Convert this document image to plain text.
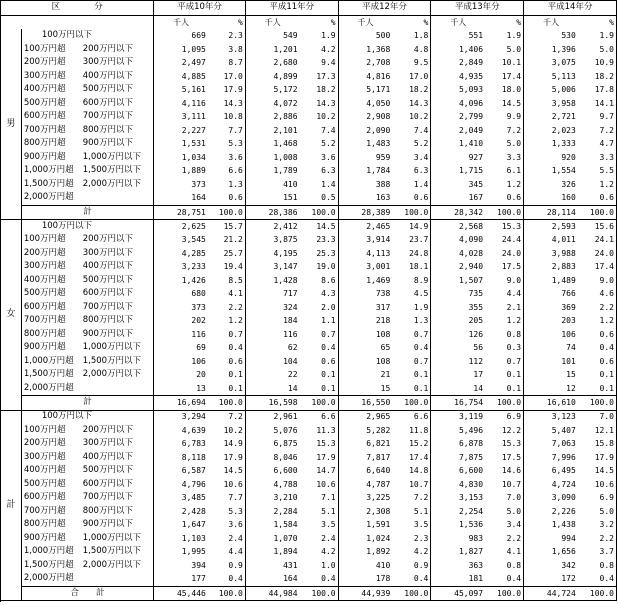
区　　　　分			平成10年分		平成11年分		平成12年分		平成13年分		平成14年分	
			千人	%	千人	%	千人	%	千人	%	千人	%
男	100万円以下		669	2.3	549	1.9	500	1.8	551	1.9	530	1.9
	100万円超	200万円以下	1,095	3.8	1,201	4.2	1,368	4.8	1,406	5.0	1,396	5.0
	200万円超	300万円以下	2,497	8.7	2,680	9.4	2,708	9.5	2,849	10.1	3,075	10.9
	300万円超	400万円以下	4,885	17.0	4,899	17.3	4,816	17.0	4,935	17.4	5,113	18.2
	400万円超	500万円以下	5,161	17.9	5,172	18.2	5,171	18.2	5,093	18.0	5,006	17.8
	500万円超	600万円以下	4,116	14.3	4,072	14.3	4,050	14.3	4,096	14.5	3,958	14.1
	600万円超	700万円以下	3,111	10.8	2,886	10.2	2,908	10.2	2,799	9.9	2,721	9.7
	700万円超	800万円以下	2,227	7.7	2,101	7.4	2,090	7.4	2,049	7.2	2,023	7.2
	800万円超	900万円以下	1,531	5.3	1,468	5.2	1,483	5.2	1,410	5.0	1,333	4.7
	900万円超	1,000万円以下	1,034	3.6	1,008	3.6	959	3.4	927	3.3	920	3.3
	1,000万円超	1,500万円以下	1,889	6.6	1,789	6.3	1,784	6.3	1,715	6.1	1,554	5.5
	1,500万円超	2,000万円以下	373	1.3	410	1.4	388	1.4	345	1.2	326	1.2
	2,000万円超		164	0.6	151	0.5	163	0.6	167	0.6	160	0.6
	計		28,751	100.0	28,386	100.0	28,389	100.0	28,342	100.0	28,114	100.0

女	100万円以下		2,625	15.7	2,412	14.5	2,465	14.9	2,568	15.3	2,593	15.6
	100万円超	200万円以下	3,545	21.2	3,875	23.3	3,914	23.7	4,090	24.4	4,011	24.1
	200万円超	300万円以下	4,285	25.7	4,195	25.3	4,113	24.8	4,028	24.0	3,988	24.0
	300万円超	400万円以下	3,233	19.4	3,147	19.0	3,001	18.1	2,940	17.5	2,883	17.4
	400万円超	500万円以下	1,426	8.5	1,428	8.6	1,469	8.9	1,507	9.0	1,489	9.0
	500万円超	600万円以下	680	4.1	717	4.3	738	4.5	735	4.4	766	4.6
	600万円超	700万円以下	373	2.2	324	2.0	317	1.9	355	2.1	369	2.2
	700万円超	800万円以下	202	1.2	184	1.1	218	1.3	205	1.2	203	1.2
	800万円超	900万円以下	116	0.7	116	0.7	108	0.7	126	0.8	106	0.6
	900万円超	1,000万円以下	69	0.4	62	0.4	65	0.4	56	0.3	74	0.4
	1,000万円超	1,500万円以下	106	0.6	104	0.6	108	0.7	112	0.7	101	0.6
	1,500万円超	2,000万円以下	20	0.1	22	0.1	21	0.1	17	0.1	15	0.1
	2,000万円超		13	0.1	14	0.1	15	0.1	14	0.1	12	0.1
	計		16,694	100.0	16,598	100.0	16,550	100.0	16,754	100.0	16,610	100.0

計	100万円以下		3,294	7.2	2,961	6.6	2,965	6.6	3,119	6.9	3,123	7.0
	100万円超	200万円以下	4,639	10.2	5,076	11.3	5,282	11.8	5,496	12.2	5,407	12.1
	200万円超	300万円以下	6,783	14.9	6,875	15.3	6,821	15.2	6,878	15.3	7,063	15.8
	300万円超	400万円以下	8,118	17.9	8,046	17.9	7,817	17.4	7,875	17.5	7,996	17.9
	400万円超	500万円以下	6,587	14.5	6,600	14.7	6,640	14.8	6,600	14.6	6,495	14.5
	500万円超	600万円以下	4,796	10.6	4,788	10.6	4,787	10.7	4,830	10.7	4,724	10.6
	600万円超	700万円以下	3,485	7.7	3,210	7.1	3,225	7.2	3,153	7.0	3,090	6.9
	700万円超	800万円以下	2,428	5.3	2,284	5.1	2,308	5.1	2,254	5.0	2,226	5.0
	800万円超	900万円以下	1,647	3.6	1,584	3.5	1,591	3.5	1,536	3.4	1,438	3.2
	900万円超	1,000万円以下	1,103	2.4	1,070	2.4	1,024	2.3	983	2.2	994	2.2
	1,000万円超	1,500万円以下	1,995	4.4	1,894	4.2	1,892	4.2	1,827	4.1	1,656	3.7
	1,500万円超	2,000万円以下	394	0.9	431	1.0	410	0.9	363	0.8	342	0.8
	2,000万円超		177	0.4	164	0.4	178	0.4	181	0.4	172	0.4
	合　　計		45,446	100.0	44,984	100.0	44,939	100.0	45,097	100.0	44,724	100.0
